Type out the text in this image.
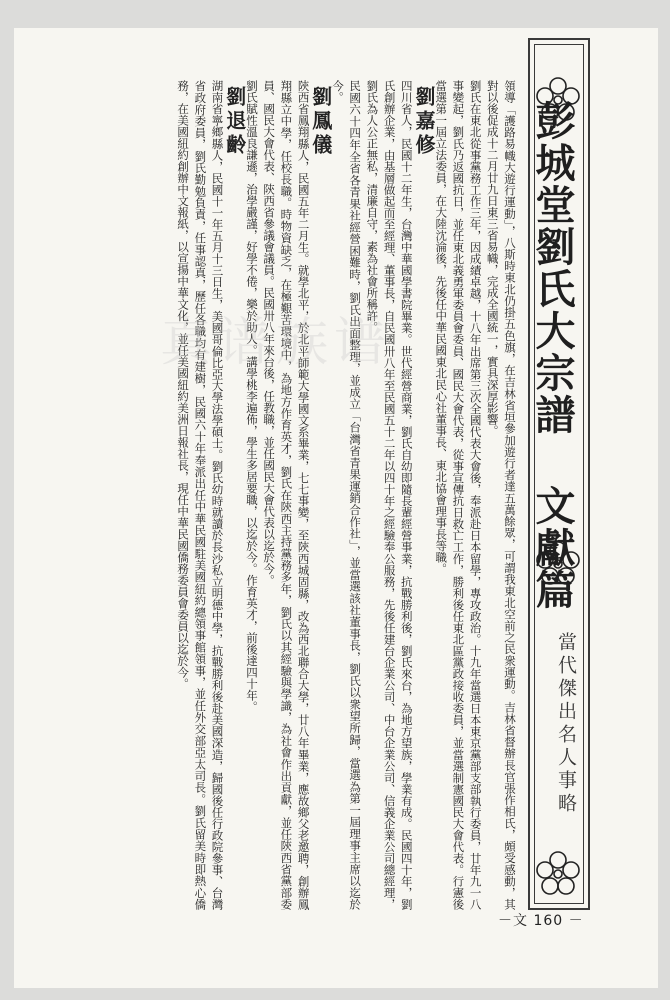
彭城堂劉氏大宗譜 文獻篇
當代傑出名人事略

領導「護路易幟大遊行運動」，八斯時東北仍掛五色旗，在吉林省垣參加遊行者達五萬餘眾，可謂我東北空前之民衆運動。吉林省督辦長官張作相氏，頗受感動，其對以後促成十二月廿九日東三省易幟，完成全國統一，實具深厚影響。

劉氏在東北從事黨務工作三年，因成績卓越，十八年出席第三次全國代表大會後，奉派赴日本留學，專攻政治。十九年當選日本東京黨部支部執行委員，廿年九一八事變起，劉氏乃返國抗日，並任東北義勇軍委員會委員、國民大會代表，從事宣傳抗日救亡工作，勝利後任東北區黨政接收委員，並當選制憲國民大會代表。行憲後當選第一屆立法委員，在大陸沈淪後，先後任中華民國東北民心社董事長、東北協會理事長等職。

劉嘉修
四川省人，民國十二年生，台灣中華國學書院畢業。世代經營商業，劉氏自幼即隨長輩經營事業，抗戰勝利後，劉氏來台，為地方望族，學業有成。民國四十年，劉氏創辦企業，由基層做起而至經理、董事長，自民國卅八年至民國五十二年以四十年之經驗奉公服務，先後任建台企業公司、中台企業公司、信義企業公司總經理，劉氏為人公正無私，清廉自守，素為社會所稱許。

民國六十四年全省各青果社經營困難時，劉氏出面整理，並成立「台灣省青果運銷合作社」，並當選該社董事長，劉氏以衆望所歸，當選為第一屆理事主席以迄於今。

劉鳳儀
陝西省鳳翔縣人，民國五年二月生。就學北平，於北平師範大學國文系畢業，七七事變，至陝西城固縣，改為西北聯合大學，廿八年畢業，應故鄉父老邀聘，創辦鳳翔縣立中學，任校長職。時物資缺乏，在極艱苦環境中，為地方作育英才，劉氏在陝西主持黨務多年，劉氏以其經驗與學識，為社會作出貢獻，並任陝西省黨部委員、國民大會代表、陝西省參議會議員。民國卅八年來台後，任教職，並任國民大會代表以迄於今。

劉氏賦性溫良謙遜，治學嚴謹，好學不倦，樂於助人。講學桃李遍佈，學生多居要職，以迄於今。作育英才，前後達四十年。

劉退齡
湖南省寧鄉縣人，民國十一年五月十三日生，美國哥倫比亞大學法學碩士。劉氏幼時就讀於長沙私立明德中學，抗戰勝利後赴美國深造，歸國後任行政院參事、台灣省政府委員，劉氏勤勉負責，任事認真，歷任各職均有建樹，民國六十年奉派出任中華民國駐美國紐約總領事館領事，並任外交部亞太司長。劉氏留美時即熱心僑務，在美國紐約創辦中文報紙，以宣揚中華文化，並任美國紐約美洲日報社長，現任中華民國僑務委員會委員以迄於今。

真谱族谱
－文 160 －
